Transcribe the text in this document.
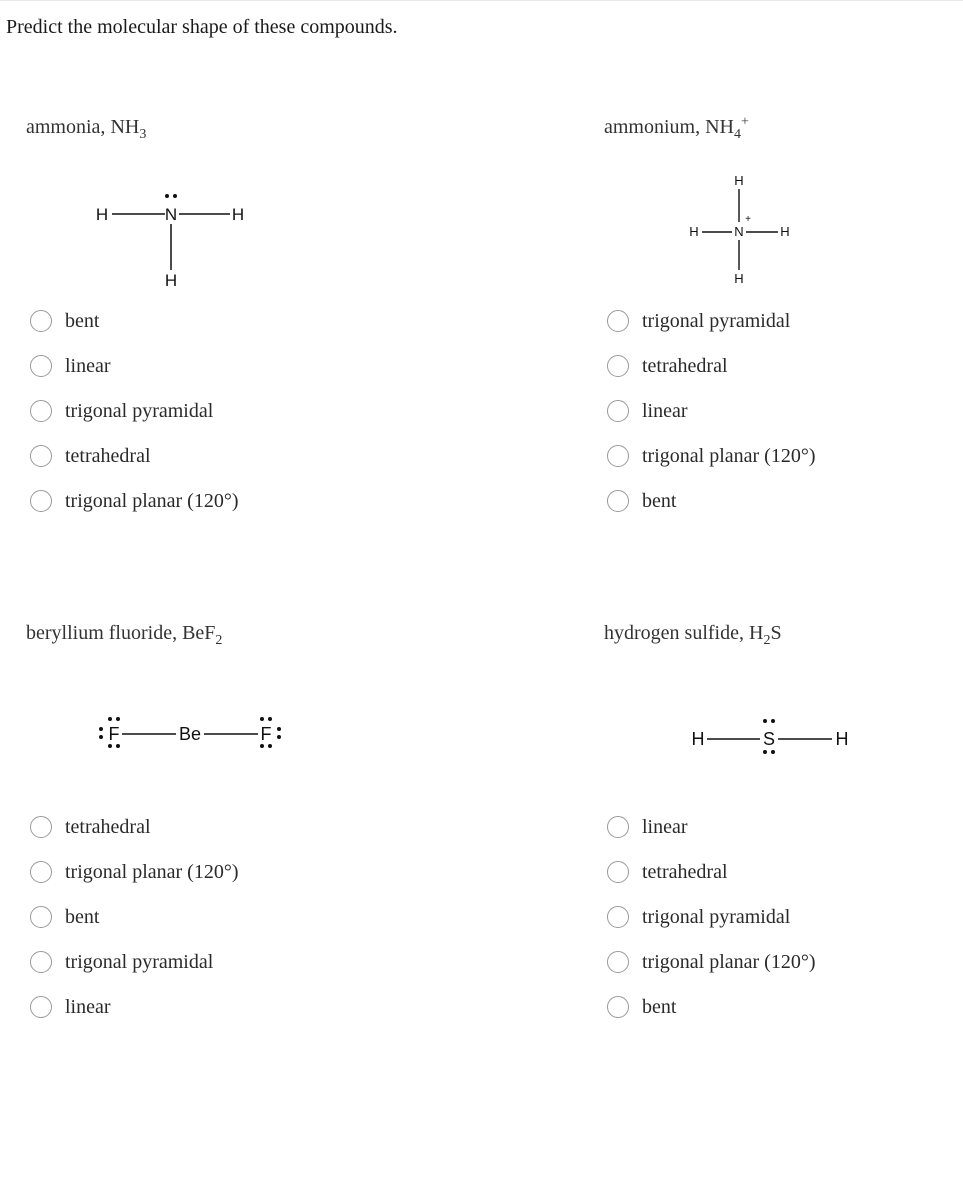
Predict the molecular shape of these compounds.
ammonia, $NH_3$
H	N	H
H
bent
linear
trigonal pyramidal
tetrahedral
trigonal planar (120°)
ammonium, $NH_4^+$
H
H	N
+
H
H
trigonal pyramidal
tetrahedral
linear
trigonal planar (120°)
bent
beryllium fluoride, BeF$_2$
F	Be	F
tetrahedral
trigonal planar (120°)
bent
trigonal pyramidal
linear
hydrogen sulfide, $H_2S$
H	S	H
linear
tetrahedral
trigonal pyramidal
trigonal planar (120°)
bent
